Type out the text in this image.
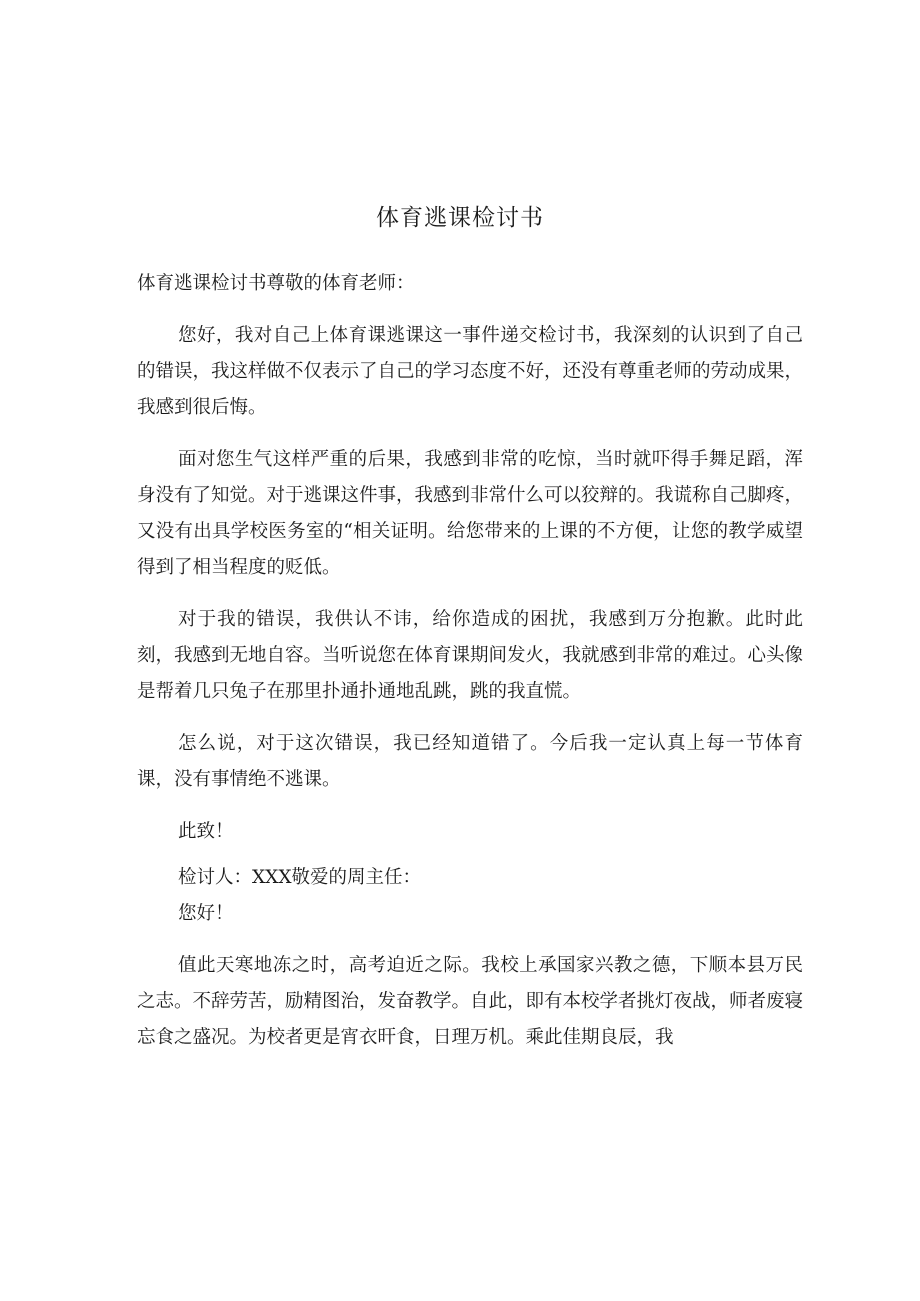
体育逃课检讨书

体育逃课检讨书尊敬的体育老师：

您好，我对自己上体育课逃课这一事件递交检讨书，我深刻的认识到了自己的错误，我这样做不仅表示了自己的学习态度不好，还没有尊重老师的劳动成果，我感到很后悔。

面对您生气这样严重的后果，我感到非常的吃惊，当时就吓得手舞足蹈，浑身没有了知觉。对于逃课这件事，我感到非常什么可以狡辩的。我谎称自己脚疼，又没有出具学校医务室的“相关证明。给您带来的上课的不方便，让您的教学威望得到了相当程度的贬低。

对于我的错误，我供认不讳，给你造成的困扰，我感到万分抱歉。此时此刻，我感到无地自容。当听说您在体育课期间发火，我就感到非常的难过。心头像是帮着几只兔子在那里扑通扑通地乱跳，跳的我直慌。

怎么说，对于这次错误，我已经知道错了。今后我一定认真上每一节体育课，没有事情绝不逃课。

此致！

检讨人：XXX敬爱的周主任：

您好！

值此天寒地冻之时，高考迫近之际。我校上承国家兴教之德，下顺本县万民之志。不辞劳苦，励精图治，发奋教学。自此，即有本校学者挑灯夜战，师者废寝忘食之盛况。为校者更是宵衣旰食，日理万机。乘此佳期良辰，我
